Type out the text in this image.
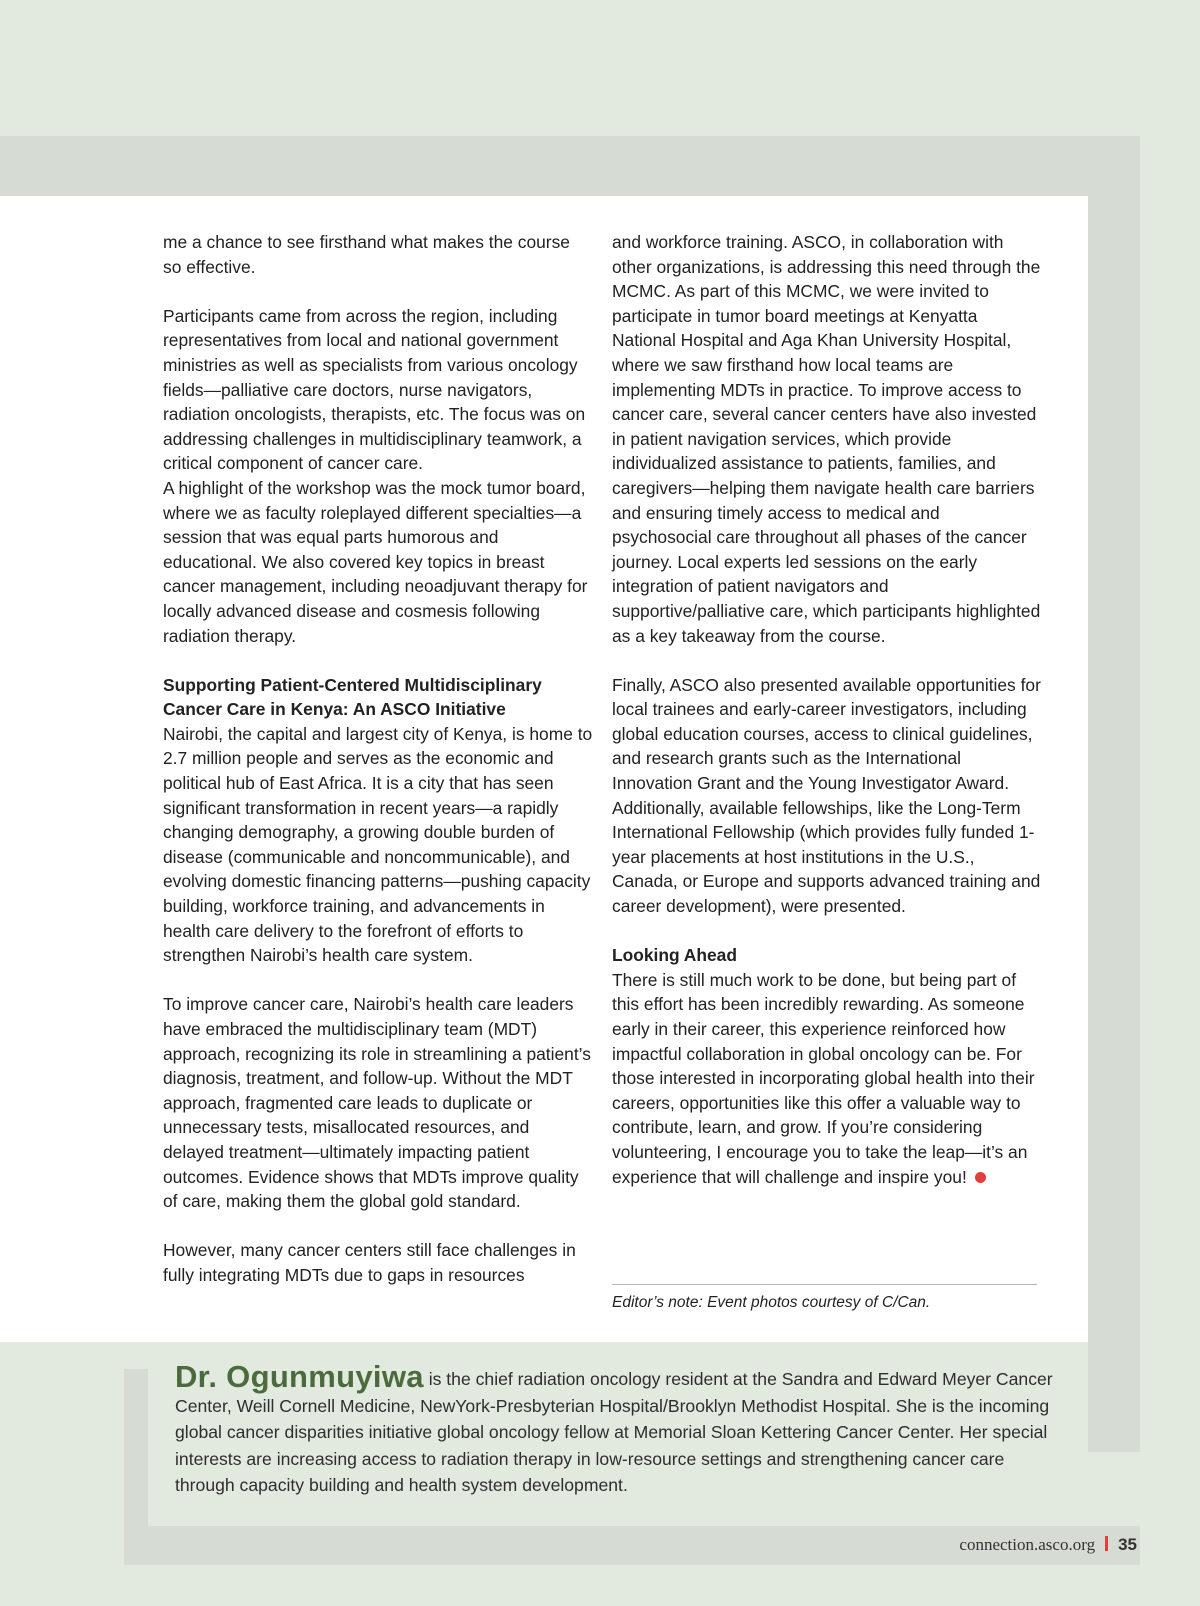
me a chance to see firsthand what makes the course so effective.

Participants came from across the region, including representatives from local and national government ministries as well as specialists from various oncology fields—palliative care doctors, nurse navigators, radiation oncologists, therapists, etc. The focus was on addressing challenges in multidisciplinary teamwork, a critical component of cancer care.

A highlight of the workshop was the mock tumor board, where we as faculty roleplayed different specialties—a session that was equal parts humorous and educational. We also covered key topics in breast cancer management, including neoadjuvant therapy for locally advanced disease and cosmesis following radiation therapy.

Supporting Patient-Centered Multidisciplinary Cancer Care in Kenya: An ASCO Initiative

Nairobi, the capital and largest city of Kenya, is home to 2.7 million people and serves as the economic and political hub of East Africa. It is a city that has seen significant transformation in recent years—a rapidly changing demography, a growing double burden of disease (communicable and noncommunicable), and evolving domestic financing patterns—pushing capacity building, workforce training, and advancements in health care delivery to the forefront of efforts to strengthen Nairobi’s health care system.

To improve cancer care, Nairobi’s health care leaders have embraced the multidisciplinary team (MDT) approach, recognizing its role in streamlining a patient’s diagnosis, treatment, and follow-up. Without the MDT approach, fragmented care leads to duplicate or unnecessary tests, misallocated resources, and delayed treatment—ultimately impacting patient outcomes. Evidence shows that MDTs improve quality of care, making them the global gold standard.

However, many cancer centers still face challenges in fully integrating MDTs due to gaps in resources

and workforce training. ASCO, in collaboration with other organizations, is addressing this need through the MCMC. As part of this MCMC, we were invited to participate in tumor board meetings at Kenyatta National Hospital and Aga Khan University Hospital, where we saw firsthand how local teams are implementing MDTs in practice. To improve access to cancer care, several cancer centers have also invested in patient navigation services, which provide individualized assistance to patients, families, and caregivers—helping them navigate health care barriers and ensuring timely access to medical and psychosocial care throughout all phases of the cancer journey. Local experts led sessions on the early integration of patient navigators and supportive/palliative care, which participants highlighted as a key takeaway from the course.

Finally, ASCO also presented available opportunities for local trainees and early-career investigators, including global education courses, access to clinical guidelines, and research grants such as the International Innovation Grant and the Young Investigator Award. Additionally, available fellowships, like the Long-Term International Fellowship (which provides fully funded 1-year placements at host institutions in the U.S., Canada, or Europe and supports advanced training and career development), were presented.

Looking Ahead

There is still much work to be done, but being part of this effort has been incredibly rewarding. As someone early in their career, this experience reinforced how impactful collaboration in global oncology can be. For those interested in incorporating global health into their careers, opportunities like this offer a valuable way to contribute, learn, and grow. If you’re considering volunteering, I encourage you to take the leap—it’s an experience that will challenge and inspire you!

Editor’s note: Event photos courtesy of C/Can.
Dr. Ogunmuyiwa is the chief radiation oncology resident at the Sandra and Edward Meyer Cancer Center, Weill Cornell Medicine, NewYork-Presbyterian Hospital/Brooklyn Methodist Hospital. She is the incoming global cancer disparities initiative global oncology fellow at Memorial Sloan Kettering Cancer Center. Her special interests are increasing access to radiation therapy in low-resource settings and strengthening cancer care through capacity building and health system development.
connection.asco.org 35
